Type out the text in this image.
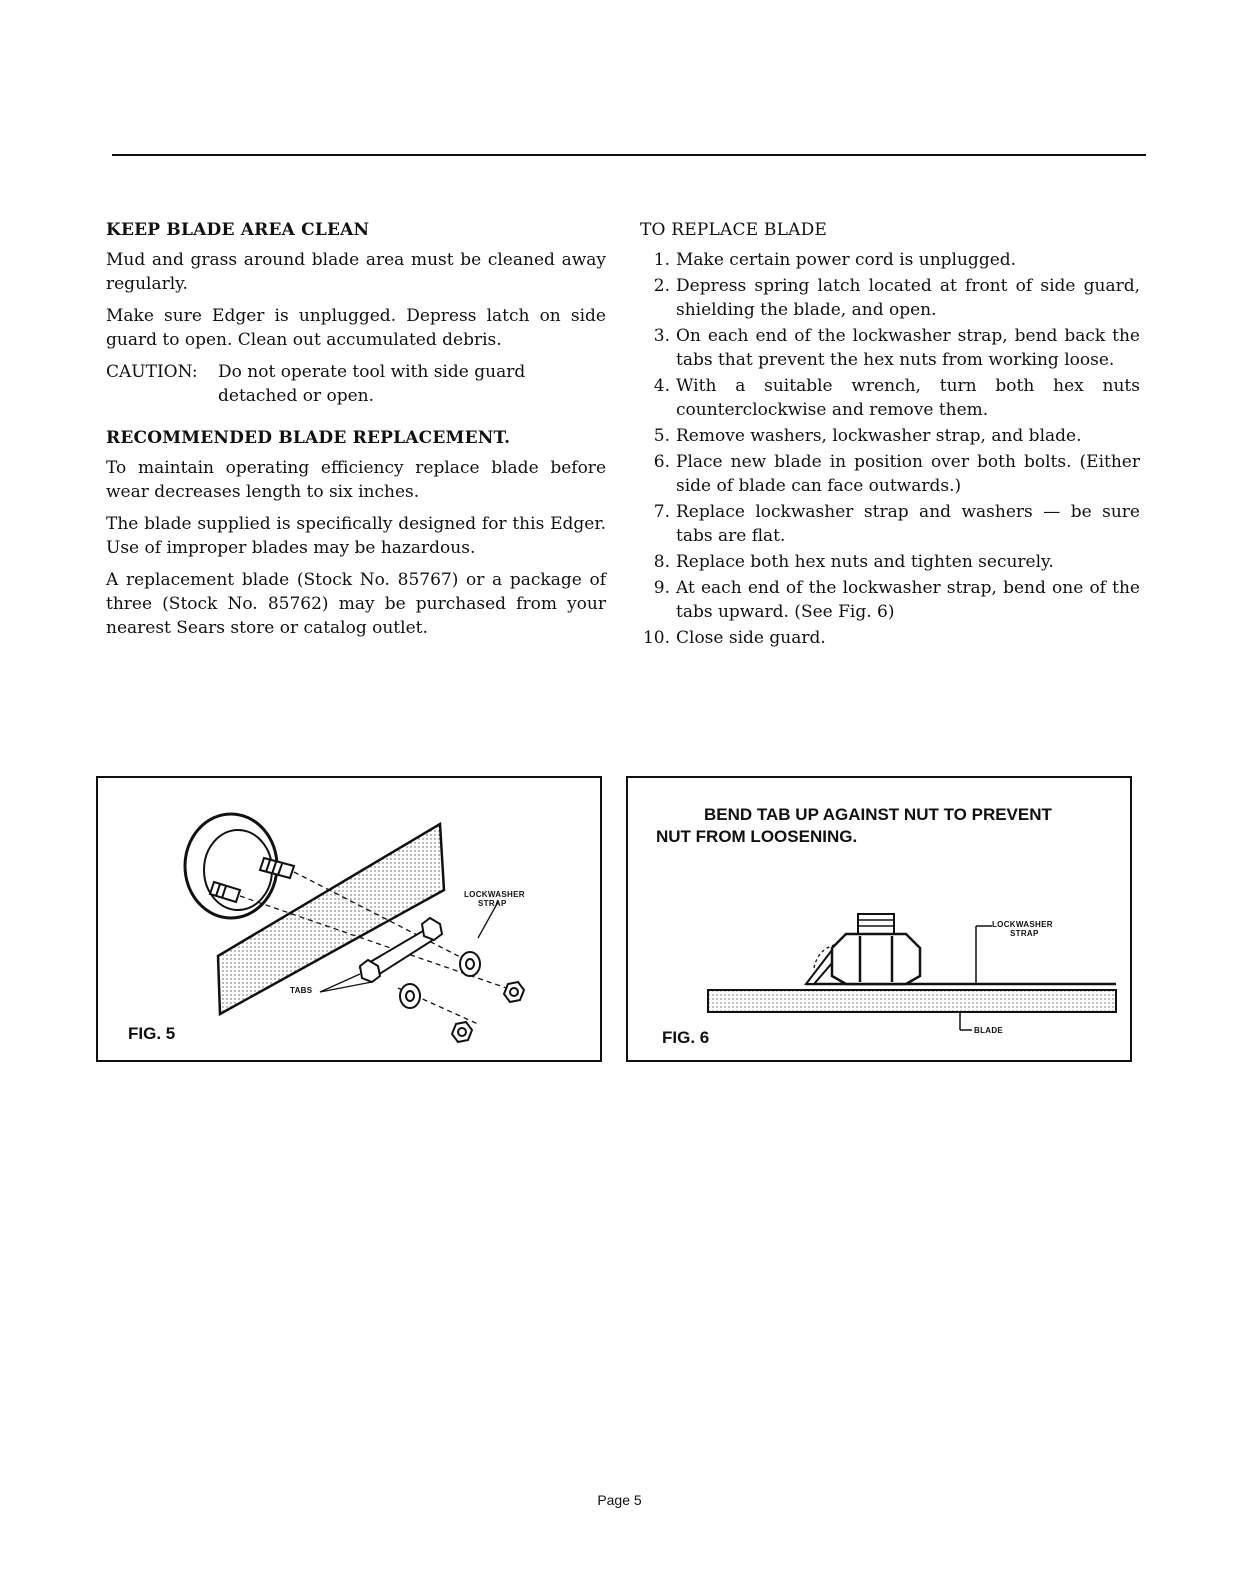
KEEP BLADE AREA CLEAN

Mud and grass around blade area must be cleaned away regularly.

Make sure Edger is unplugged. Depress latch on side guard to open. Clean out accumulated debris.

CAUTION:	Do not operate tool with side guard detached or open.
RECOMMENDED BLADE REPLACEMENT.

To maintain operating efficiency replace blade before wear decreases length to six inches.

The blade supplied is specifically designed for this Edger. Use of improper blades may be hazardous.

A replacement blade (Stock No. 85767) or a package of three (Stock No. 85762) may be purchased from your nearest Sears store or catalog outlet.

TO REPLACE BLADE
1. Make certain power cord is unplugged.
2. Depress spring latch located at front of side guard, shielding the blade, and open.
3. On each end of the lockwasher strap, bend back the tabs that prevent the hex nuts from working loose.
4. With a suitable wrench, turn both hex nuts counterclockwise and remove them.
5. Remove washers, lockwasher strap, and blade.
6. Place new blade in position over both bolts. (Either side of blade can face outwards.)
7. Replace lockwasher strap and washers — be sure tabs are flat.
8. Replace both hex nuts and tighten securely.
9. At each end of the lockwasher strap, bend one of the tabs upward. (See Fig. 6)
10. Close side guard.
LOCKWASHER
STRAP
TABS
FIG. 5
BEND TAB UP AGAINST NUT TO PREVENT
NUT FROM LOOSENING.
LOCKWASHER
STRAP
BLADE
FIG. 6
Page 5
